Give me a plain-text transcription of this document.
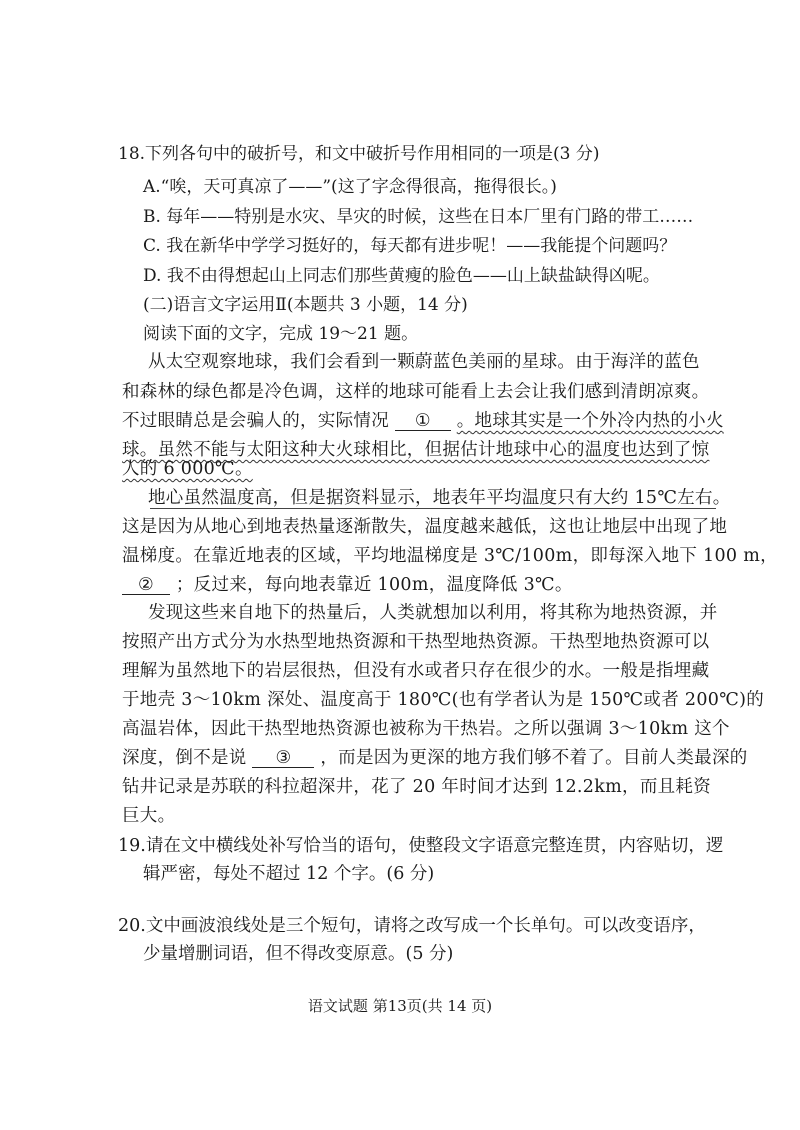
18.下列各句中的破折号，和文中破折号作用相同的一项是(3 分)
A.“唉，天可真凉了——”(这了字念得很高，拖得很长。)
B. 每年——特别是水灾、旱灾的时候，这些在日本厂里有门路的带工……
C. 我在新华中学学习挺好的，每天都有进步呢！——我能提个问题吗？
D. 我不由得想起山上同志们那些黄瘦的脸色——山上缺盐缺得凶呢。
(二)语言文字运用Ⅱ(本题共 3 小题，14 分)
阅读下面的文字，完成 19～21 题。
从太空观察地球，我们会看到一颗蔚蓝色美丽的星球。由于海洋的蓝色
和森林的绿色都是冷色调，这样的地球可能看上去会让我们感到清朗凉爽。
不过眼睛总是会骗人的，实际情况 ① 。地球其实是一个外冷内热的小火
球。虽然不能与太阳这种大火球相比，但据估计地球中心的温度也达到了惊
人的 6 000℃。
地心虽然温度高，但是据资料显示，地表年平均温度只有大约 15℃左右。
这是因为从地心到地表热量逐渐散失，温度越来越低，这也让地层中出现了地
温梯度。在靠近地表的区域，平均地温梯度是 3℃/100m，即每深入地下 100 m，
② ；反过来，每向地表靠近 100m，温度降低 3℃。
发现这些来自地下的热量后，人类就想加以利用，将其称为地热资源，并
按照产出方式分为水热型地热资源和干热型地热资源。干热型地热资源可以
理解为虽然地下的岩层很热，但没有水或者只存在很少的水。一般是指埋藏
于地壳 3～10km 深处、温度高于 180℃(也有学者认为是 150℃或者 200℃)的
高温岩体，因此干热型地热资源也被称为干热岩。之所以强调 3～10km 这个
深度，倒不是说 ③ ，而是因为更深的地方我们够不着了。目前人类最深的
钻井记录是苏联的科拉超深井，花了 20 年时间才达到 12.2km，而且耗资
巨大。
19.请在文中横线处补写恰当的语句，使整段文字语意完整连贯，内容贴切，逻
辑严密，每处不超过 12 个字。(6 分)
20.文中画波浪线处是三个短句，请将之改写成一个长单句。可以改变语序，
少量增删词语，但不得改变原意。(5 分)
语文试题 第13页(共 14 页)
